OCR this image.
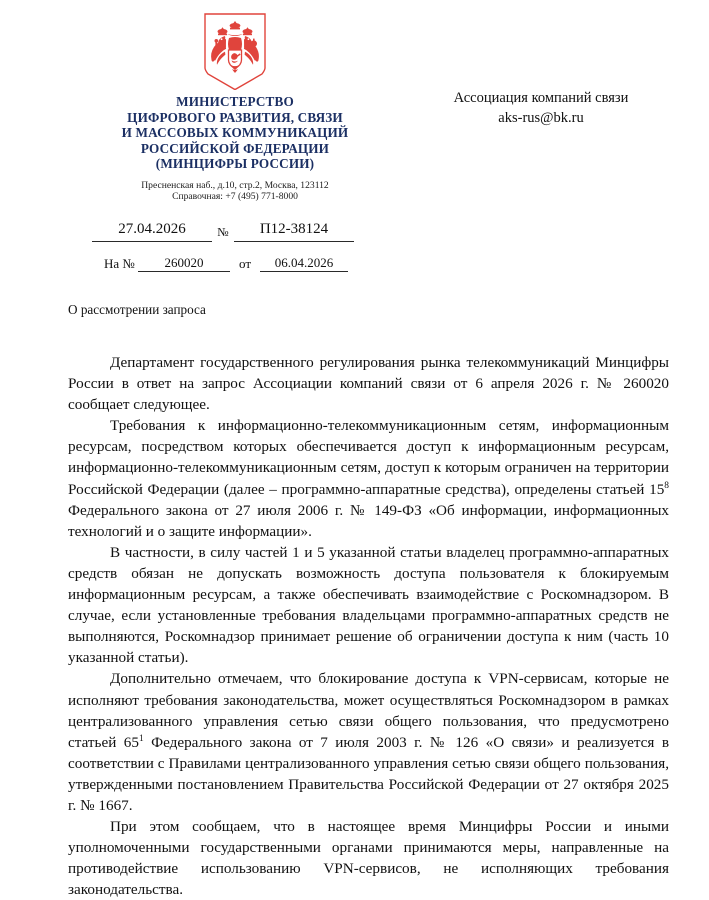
МИНИСТЕРСТВО
ЦИФРОВОГО РАЗВИТИЯ, СВЯЗИ
И МАССОВЫХ КОММУНИКАЦИЙ
РОССИЙСКОЙ ФЕДЕРАЦИИ
(МИНЦИФРЫ РОССИИ)
Пресненская наб., д.10, стр.2, Москва, 123112
Справочная: +7 (495) 771-8000
27.04.2026	№	П12-38124
На №	260020	от	06.04.2026
Ассоциация компаний связи
aks-rus@bk.ru
О рассмотрении запроса

Департамент государственного регулирования рынка телекоммуникаций Минцифры России в ответ на запрос Ассоциации компаний связи от 6 апреля 2026 г. № 260020 сообщает следующее.

Требования к информационно-телекоммуникационным сетям, информационным ресурсам, посредством которых обеспечивается доступ к информационным ресурсам, информационно-телекоммуникационным сетям, доступ к которым ограничен на территории Российской Федерации (далее – программно-аппаратные средства), определены статьей $15^8$ Федерального закона от 27 июля 2006 г. № 149-ФЗ «Об информации, информационных технологий и о защите информации».

В частности, в силу частей 1 и 5 указанной статьи владелец программно-аппаратных средств обязан не допускать возможность доступа пользователя к блокируемым информационным ресурсам, а также обеспечивать взаимодействие с Роскомнадзором. В случае, если установленные требования владельцами программно-аппаратных средств не выполняются, Роскомнадзор принимает решение об ограничении доступа к ним (часть 10 указанной статьи).

Дополнительно отмечаем, что блокирование доступа к VPN-сервисам, которые не исполняют требования законодательства, может осуществляться Роскомнадзором в рамках централизованного управления сетью связи общего пользования, что предусмотрено статьей $65^1$ Федерального закона от 7 июля 2003 г. № 126 «О связи» и реализуется в соответствии с Правилами централизованного управления сетью связи общего пользования, утвержденными постановлением Правительства Российской Федерации от 27 октября 2025 г. № 1667.

При этом сообщаем, что в настоящее время Минцифры России и иными уполномоченными государственными органами принимаются меры, направленные на противодействие использованию VPN-сервисов, не исполняющих требования законодательства.
